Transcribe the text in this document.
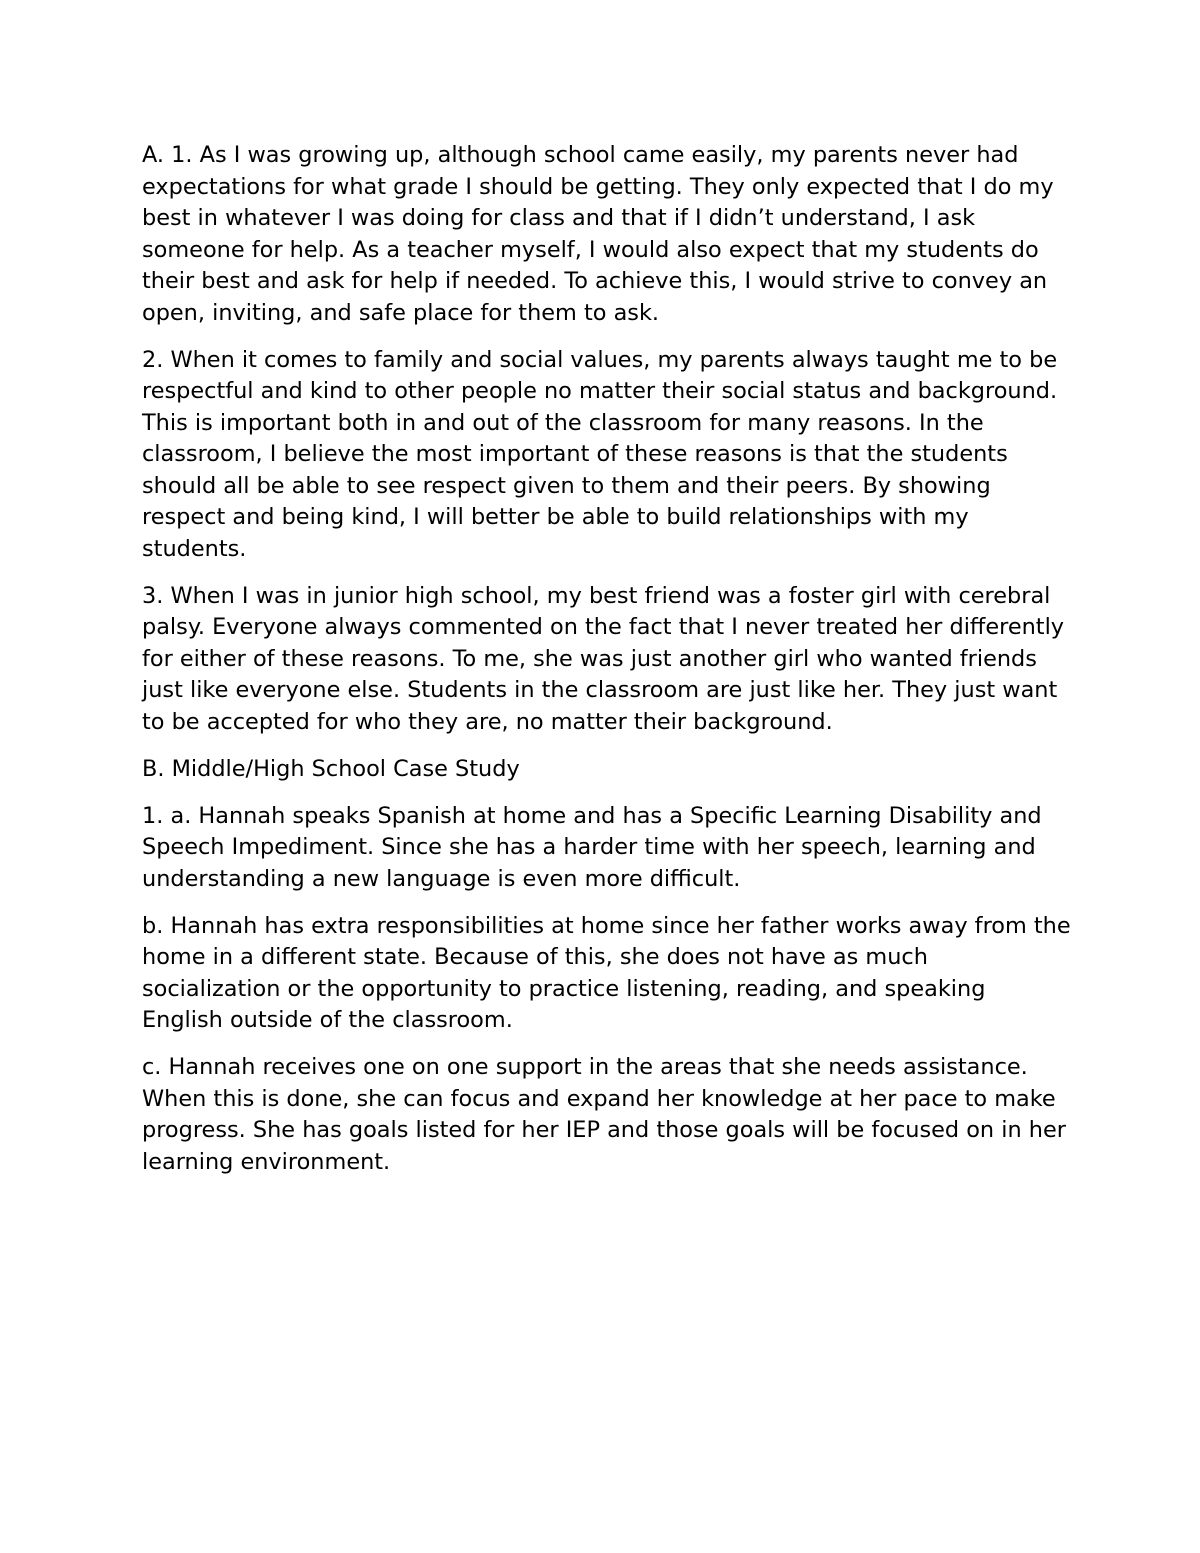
A. 1. As I was growing up, although school came easily, my parents never had expectations for what grade I should be getting. They only expected that I do my best in whatever I was doing for class and that if I didn’t understand, I ask someone for help. As a teacher myself, I would also expect that my students do their best and ask for help if needed. To achieve this, I would strive to convey an open, inviting, and safe place for them to ask.

2. When it comes to family and social values, my parents always taught me to be respectful and kind to other people no matter their social status and background. This is important both in and out of the classroom for many reasons. In the classroom, I believe the most important of these reasons is that the students should all be able to see respect given to them and their peers. By showing respect and being kind, I will better be able to build relationships with my students.

3. When I was in junior high school, my best friend was a foster girl with cerebral palsy. Everyone always commented on the fact that I never treated her differently for either of these reasons. To me, she was just another girl who wanted friends just like everyone else. Students in the classroom are just like her. They just want to be accepted for who they are, no matter their background.

B. Middle/High School Case Study

1. a. Hannah speaks Spanish at home and has a Specific Learning Disability and Speech Impediment. Since she has a harder time with her speech, learning and understanding a new language is even more difficult.

b. Hannah has extra responsibilities at home since her father works away from the home in a different state. Because of this, she does not have as much socialization or the opportunity to practice listening, reading, and speaking English outside of the classroom.

c. Hannah receives one on one support in the areas that she needs assistance. When this is done, she can focus and expand her knowledge at her pace to make progress. She has goals listed for her IEP and those goals will be focused on in her learning environment.
